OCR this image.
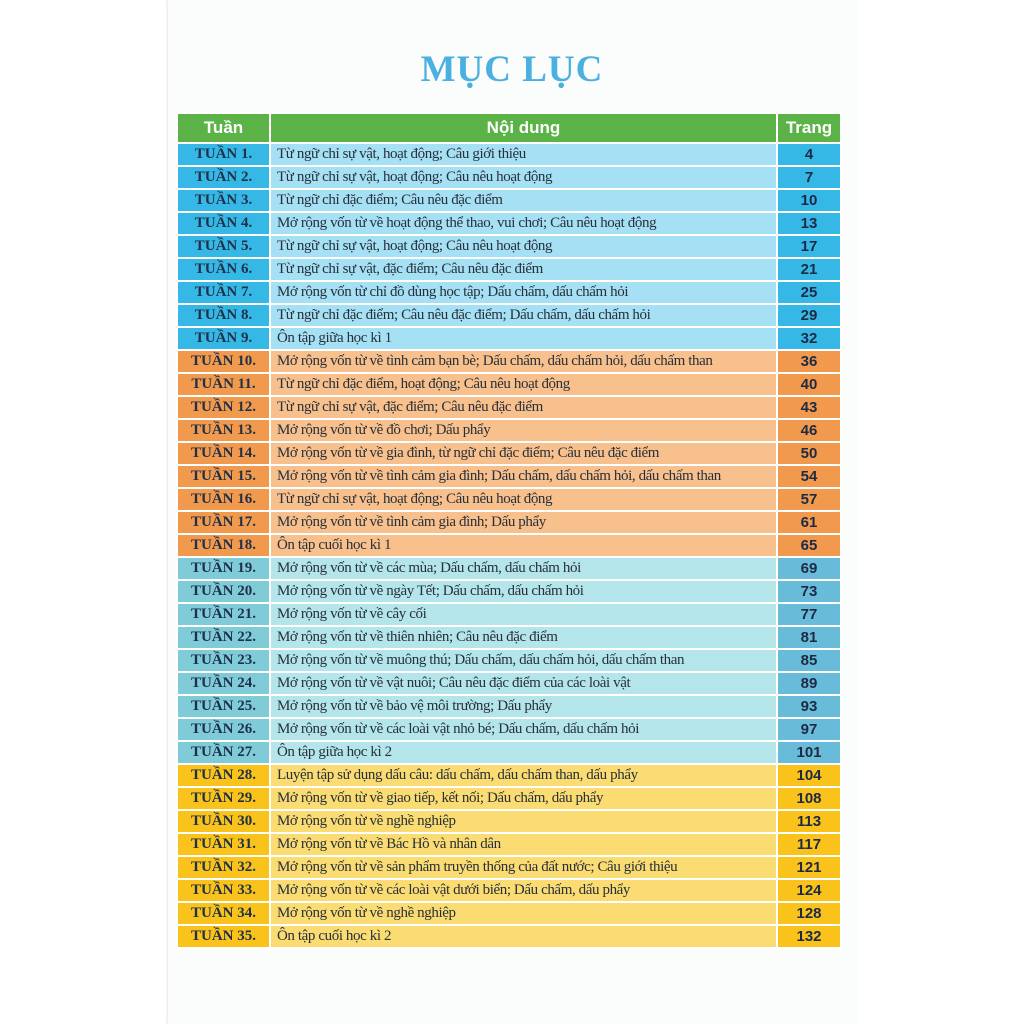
MỤC LỤC
Tuần	Nội dung	Trang
TUẦN 1.	Từ ngữ chỉ sự vật, hoạt động; Câu giới thiệu	4
TUẦN 2.	Từ ngữ chỉ sự vật, hoạt động; Câu nêu hoạt động	7
TUẦN 3.	Từ ngữ chỉ đặc điểm; Câu nêu đặc điểm	10
TUẦN 4.	Mở rộng vốn từ về hoạt động thể thao, vui chơi; Câu nêu hoạt động	13
TUẦN 5.	Từ ngữ chỉ sự vật, hoạt động; Câu nêu hoạt động	17
TUẦN 6.	Từ ngữ chỉ sự vật, đặc điểm; Câu nêu đặc điểm	21
TUẦN 7.	Mở rộng vốn từ chỉ đồ dùng học tập; Dấu chấm, dấu chấm hỏi	25
TUẦN 8.	Từ ngữ chỉ đặc điểm; Câu nêu đặc điểm; Dấu chấm, dấu chấm hỏi	29
TUẦN 9.	Ôn tập giữa học kì 1	32
TUẦN 10.	Mở rộng vốn từ về tình cảm bạn bè; Dấu chấm, dấu chấm hỏi, dấu chấm than	36
TUẦN 11.	Từ ngữ chỉ đặc điểm, hoạt động; Câu nêu hoạt động	40
TUẦN 12.	Từ ngữ chỉ sự vật, đặc điểm; Câu nêu đặc điểm	43
TUẦN 13.	Mở rộng vốn từ về đồ chơi; Dấu phẩy	46
TUẦN 14.	Mở rộng vốn từ về gia đình, từ ngữ chỉ đặc điểm; Câu nêu đặc điểm	50
TUẦN 15.	Mở rộng vốn từ về tình cảm gia đình; Dấu chấm, dấu chấm hỏi, dấu chấm than	54
TUẦN 16.	Từ ngữ chỉ sự vật, hoạt động; Câu nêu hoạt động	57
TUẦN 17.	Mở rộng vốn từ về tình cảm gia đình; Dấu phẩy	61
TUẦN 18.	Ôn tập cuối học kì 1	65
TUẦN 19.	Mở rộng vốn từ về các mùa; Dấu chấm, dấu chấm hỏi	69
TUẦN 20.	Mở rộng vốn từ về ngày Tết; Dấu chấm, dấu chấm hỏi	73
TUẦN 21.	Mở rộng vốn từ về cây cối	77
TUẦN 22.	Mở rộng vốn từ về thiên nhiên; Câu nêu đặc điểm	81
TUẦN 23.	Mở rộng vốn từ về muông thú; Dấu chấm, dấu chấm hỏi, dấu chấm than	85
TUẦN 24.	Mở rộng vốn từ về vật nuôi; Câu nêu đặc điểm của các loài vật	89
TUẦN 25.	Mở rộng vốn từ về bảo vệ môi trường; Dấu phẩy	93
TUẦN 26.	Mở rộng vốn từ về các loài vật nhỏ bé; Dấu chấm, dấu chấm hỏi	97
TUẦN 27.	Ôn tập giữa học kì 2	101
TUẦN 28.	Luyện tập sử dụng dấu câu: dấu chấm, dấu chấm than, dấu phẩy	104
TUẦN 29.	Mở rộng vốn từ về giao tiếp, kết nối; Dấu chấm, dấu phẩy	108
TUẦN 30.	Mở rộng vốn từ về nghề nghiệp	113
TUẦN 31.	Mở rộng vốn từ về Bác Hồ và nhân dân	117
TUẦN 32.	Mở rộng vốn từ về sản phẩm truyền thống của đất nước; Câu giới thiệu	121
TUẦN 33.	Mở rộng vốn từ về các loài vật dưới biển; Dấu chấm, dấu phẩy	124
TUẦN 34.	Mở rộng vốn từ về nghề nghiệp	128
TUẦN 35.	Ôn tập cuối học kì 2	132
